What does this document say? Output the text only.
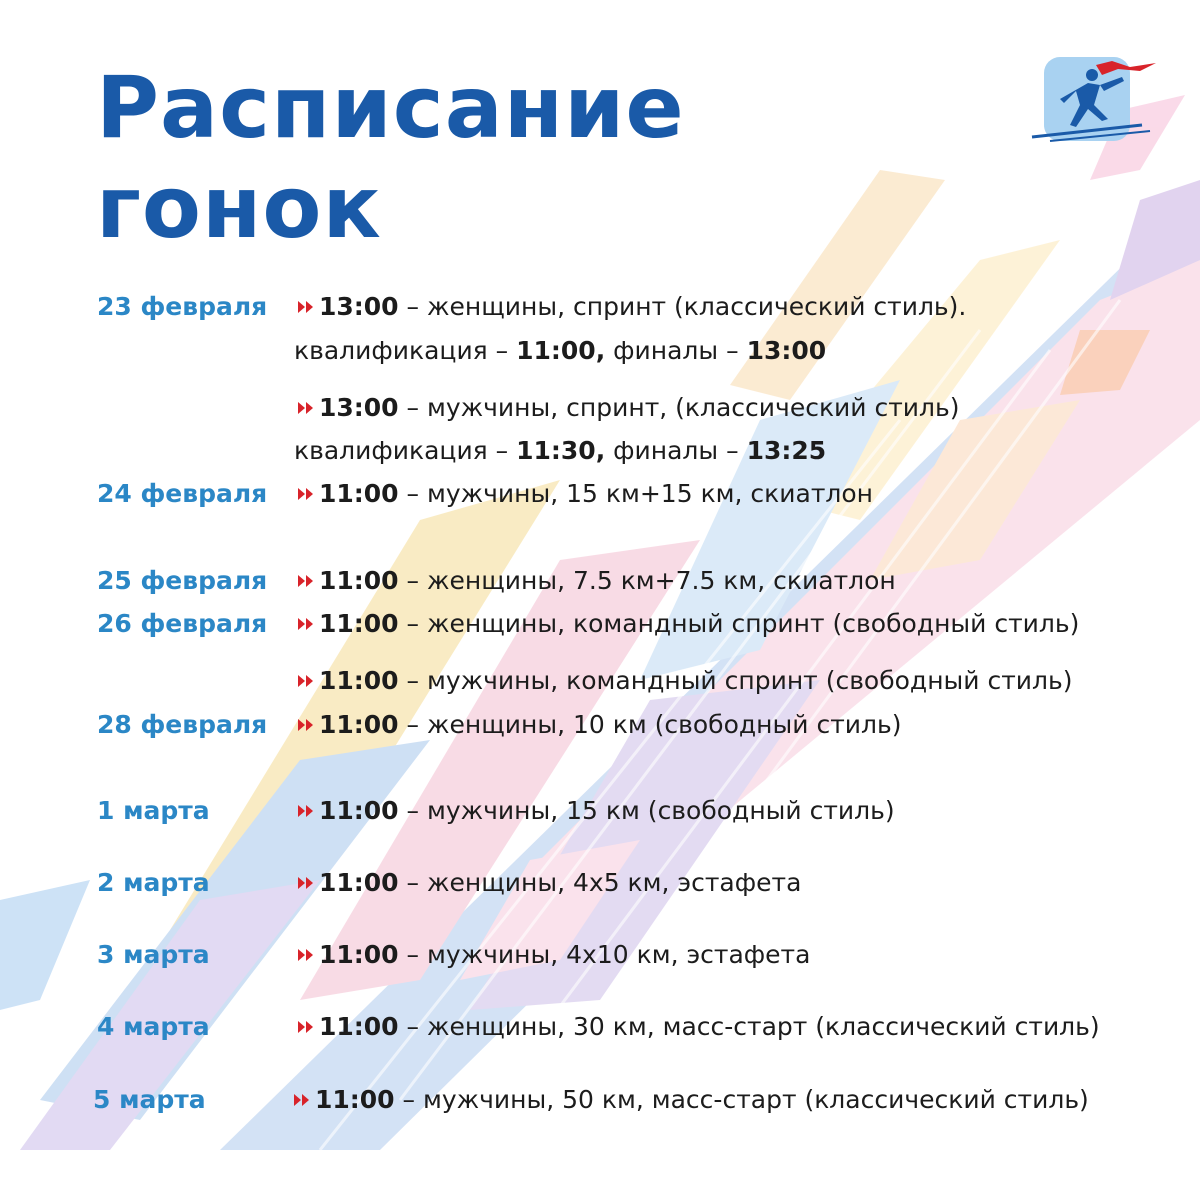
Расписание
гонок
23 февраля	13:00 – женщины, спринт (классический стиль).
квалификация – 11:00, финалы – 13:00
13:00 – мужчины, спринт, (классический стиль)
квалификация – 11:30, финалы – 13:25
24 февраля	11:00 – мужчины, 15 км+15 км, скиатлон
25 февраля	11:00 – женщины, 7.5 км+7.5 км, скиатлон
26 февраля	11:00 – женщины, командный спринт (свободный стиль)
11:00 – мужчины, командный спринт (свободный стиль)
28 февраля	11:00 – женщины, 10 км (свободный стиль)
1 марта	11:00 – мужчины, 15 км (свободный стиль)
2 марта	11:00 – женщины, 4х5 км, эстафета
3 марта	11:00 – мужчины, 4х10 км, эстафета
4 марта	11:00 – женщины, 30 км, масс-старт (классический стиль)
5 марта	11:00 – мужчины, 50 км, масс-старт (классический стиль)
